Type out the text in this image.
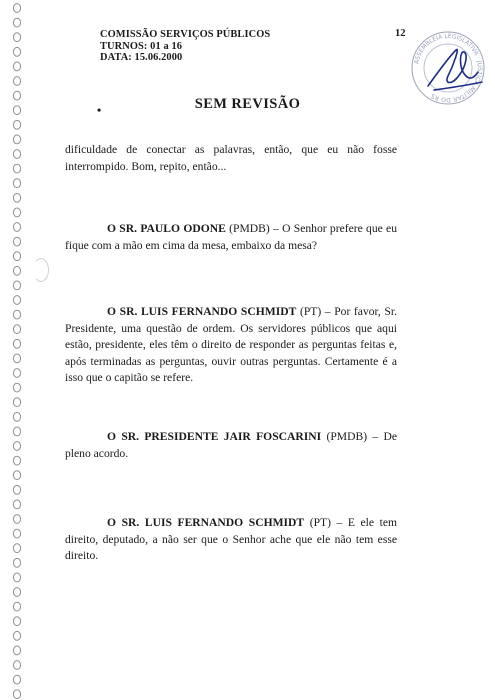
COMISSÃO SERVIÇOS PÚBLICOS
TURNOS: 01 a 16
DATA: 15.06.2000
12
ASSEMBLEIA LEGISLATIVA · JUSTIÇA MILITAR DO RS
•	SEM REVISÃO
dificuldade de conectar as palavras, então, que eu não fosse interrompido. Bom, repito, então...
O SR. PAULO ODONE (PMDB) – O Senhor prefere que eu fique com a mão em cima da mesa, embaixo da mesa?
O SR. LUIS FERNANDO SCHMIDT (PT) – Por favor, Sr. Presidente, uma questão de ordem. Os servidores públicos que aqui estão, presidente, eles têm o direito de responder as perguntas feitas e, após terminadas as perguntas, ouvir outras perguntas. Certamente é a isso que o capitão se refere.
O SR. PRESIDENTE JAIR FOSCARINI (PMDB) – De pleno acordo.
O SR. LUIS FERNANDO SCHMIDT (PT) – E ele tem direito, deputado, a não ser que o Senhor ache que ele não tem esse direito.
